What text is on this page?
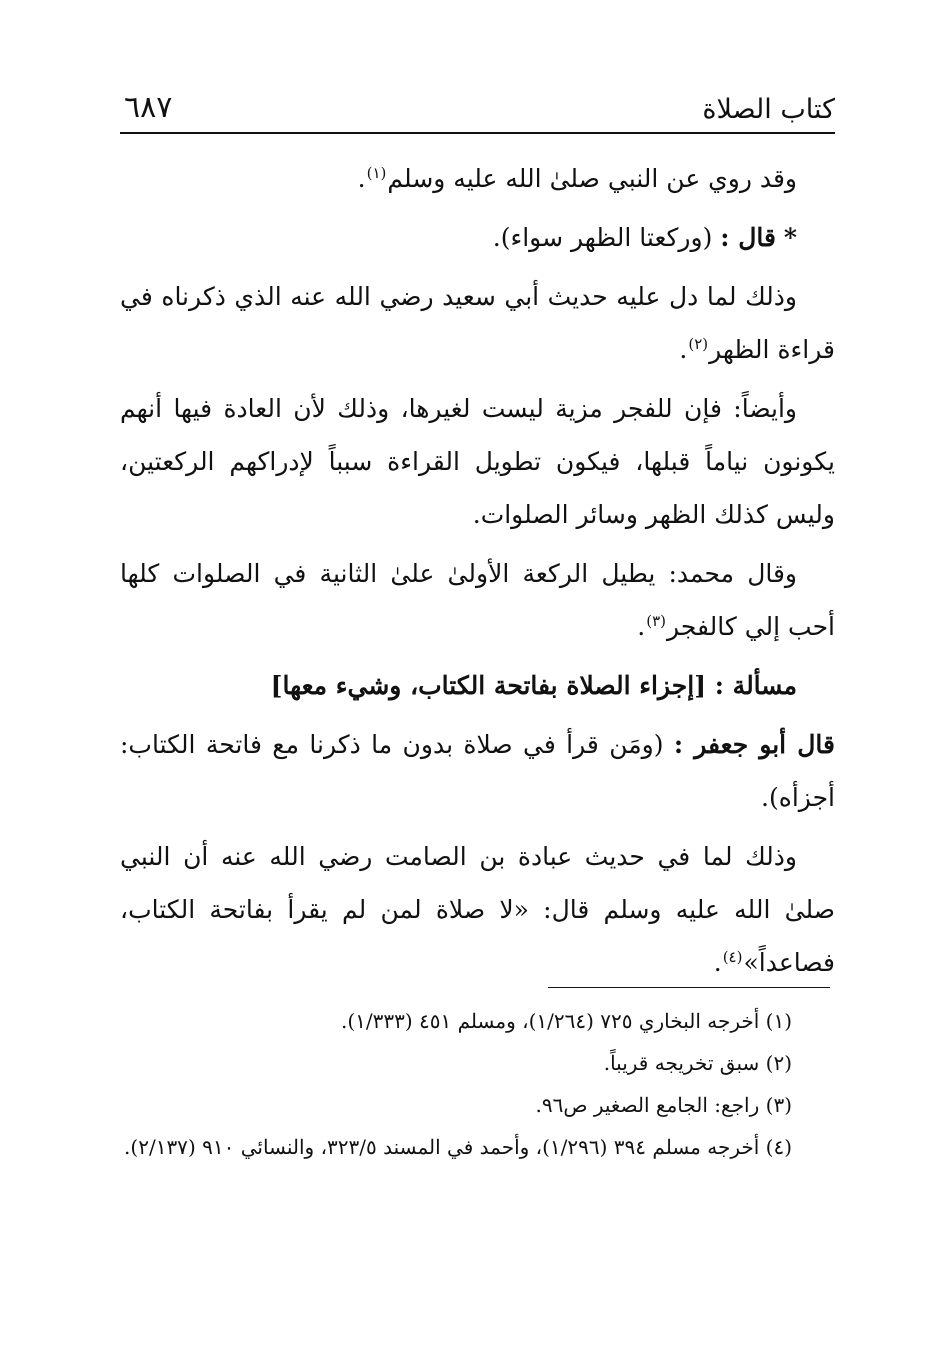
كتاب الصلاة
٦٨٧

وقد روي عن النبي صلىٰ الله عليه وسلم$^{(١)}$.

* قال : (وركعتا الظهر سواء).

وذلك لما دل عليه حديث أبي سعيد رضي الله عنه الذي ذكرناه في قراءة الظهر$^{(٢)}$.

وأيضاً: فإن للفجر مزية ليست لغيرها، وذلك لأن العادة فيها أنهم يكونون نياماً قبلها، فيكون تطويل القراءة سبباً لإدراكهم الركعتين، وليس كذلك الظهر وسائر الصلوات.

وقال محمد: يطيل الركعة الأولىٰ علىٰ الثانية في الصلوات كلها أحب إلي كالفجر$^{(٣)}$.

مسألة : [إجزاء الصلاة بفاتحة الكتاب، وشيء معها]

قال أبو جعفر : (ومَن قرأ في صلاة بدون ما ذكرنا مع فاتحة الكتاب: أجزأه).

وذلك لما في حديث عبادة بن الصامت رضي الله عنه أن النبي صلىٰ الله عليه وسلم قال: «لا صلاة لمن لم يقرأ بفاتحة الكتاب، فصاعداً»$^{(٤)}$.

(١) أخرجه البخاري ٧٢٥ (١/٢٦٤)، ومسلم ٤٥١ (١/٣٣٣).

(٢) سبق تخريجه قريباً.

(٣) راجع: الجامع الصغير ص٩٦.

(٤) أخرجه مسلم ٣٩٤ (١/٢٩٦)، وأحمد في المسند ٣٢٣/٥، والنسائي ٩١٠ (٢/١٣٧).
